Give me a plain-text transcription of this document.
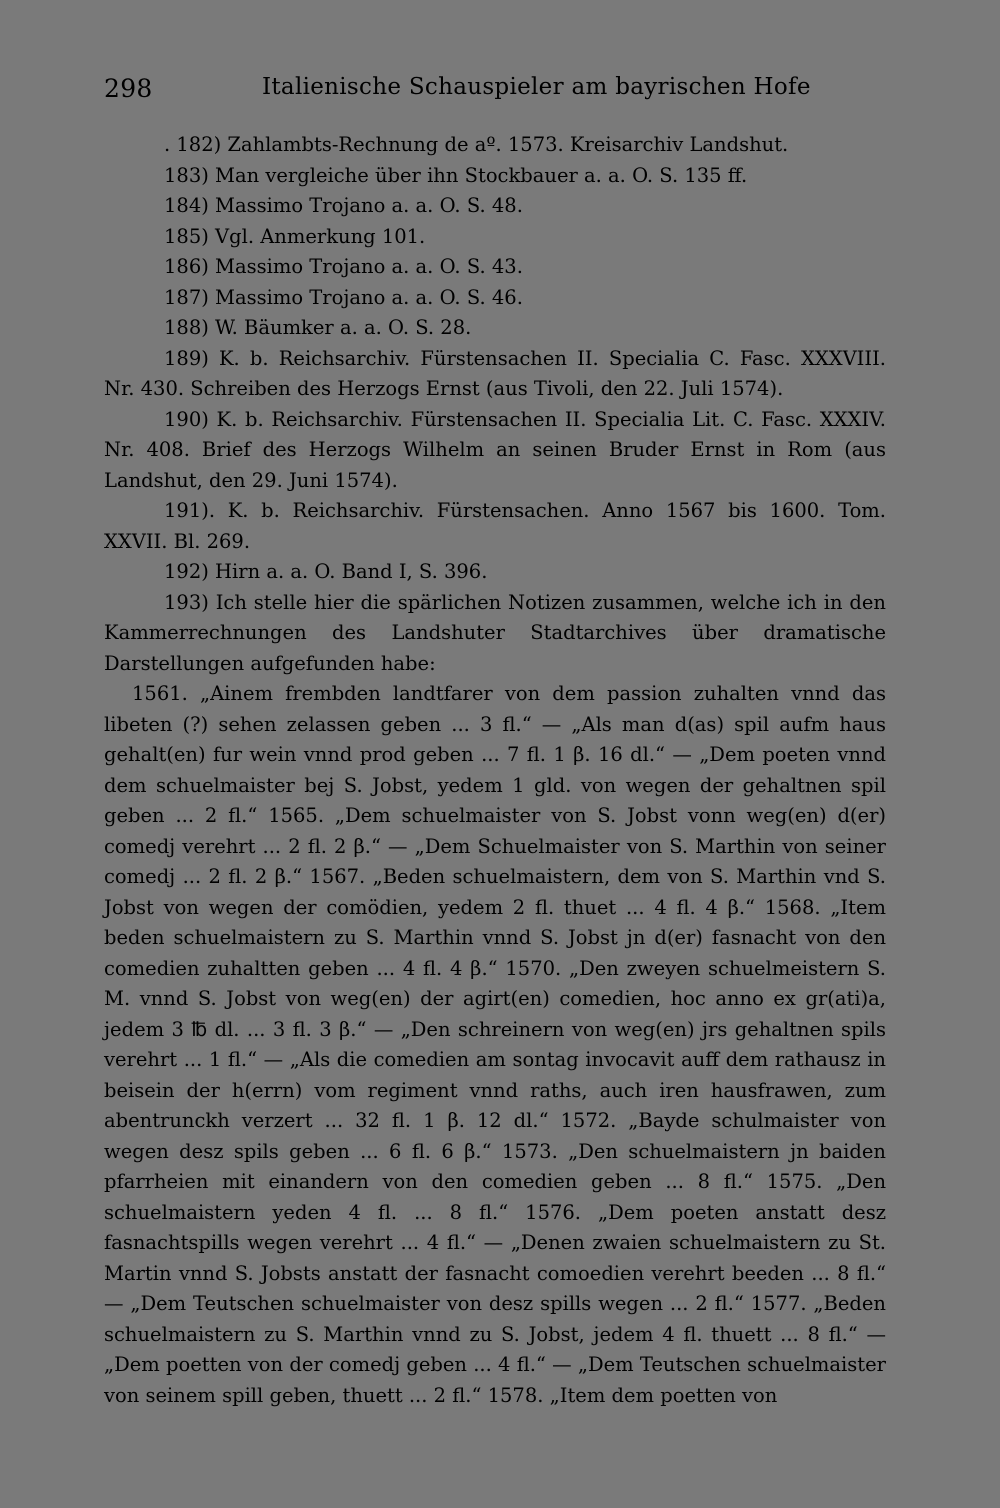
298	Italienische Schauspieler am bayrischen Hofe

. 182) Zahlambts-Rechnung de aº. 1573. Kreisarchiv Landshut.

183) Man vergleiche über ihn Stockbauer a. a. O. S. 135 ff.

184) Massimo Trojano a. a. O. S. 48.

185) Vgl. Anmerkung 101.

186) Massimo Trojano a. a. O. S. 43.

187) Massimo Trojano a. a. O. S. 46.

188) W. Bäumker a. a. O. S. 28.

189) K. b. Reichsarchiv. Fürstensachen II. Specialia C. Fasc. XXXVIII. Nr. 430. Schreiben des Herzogs Ernst (aus Tivoli, den 22. Juli 1574).

190) K. b. Reichsarchiv. Fürstensachen II. Specialia Lit. C. Fasc. XXXIV. Nr. 408. Brief des Herzogs Wilhelm an seinen Bruder Ernst in Rom (aus Landshut, den 29. Juni 1574).

191). K. b. Reichsarchiv. Fürstensachen. Anno 1567 bis 1600. Tom. XXVII. Bl. 269.

192) Hirn a. a. O. Band I, S. 396.

193) Ich stelle hier die spärlichen Notizen zusammen, welche ich in den Kammerrechnungen des Landshuter Stadtarchives über dramatische Darstellungen aufgefunden habe:

1561. „Ainem frembden landtfarer von dem passion zuhalten vnnd das libeten (?) sehen zelassen geben ... 3 fl.“ — „Als man d(as) spil aufm haus gehalt(en) fur wein vnnd prod geben ... 7 fl. 1 β. 16 dl.“ — „Dem poeten vnnd dem schuelmaister bej S. Jobst, yedem 1 gld. von wegen der gehaltnen spil geben ... 2 fl.“ 1565. „Dem schuelmaister von S. Jobst vonn weg(en) d(er) comedj verehrt ... 2 fl. 2 β.“ — „Dem Schuelmaister von S. Marthin von seiner comedj ... 2 fl. 2 β.“ 1567. „Beden schuelmaistern, dem von S. Marthin vnd S. Jobst von wegen der comödien, yedem 2 fl. thuet ... 4 fl. 4 β.“ 1568. „Item beden schuelmaistern zu S. Marthin vnnd S. Jobst jn d(er) fasnacht von den comedien zuhaltten geben ... 4 fl. 4 β.“ 1570. „Den zweyen schuelmeistern S. M. vnnd S. Jobst von weg(en) der agirt(en) comedien, hoc anno ex gr(ati)a, jedem 3 ℔ dl. ... 3 fl. 3 β.“ — „Den schreinern von weg(en) jrs gehaltnen spils verehrt ... 1 fl.“ — „Als die comedien am sontag invocavit auff dem rathausz in beisein der h(errn) vom regiment vnnd raths, auch iren hausfrawen, zum abentrunckh verzert ... 32 fl. 1 β. 12 dl.“ 1572. „Bayde schulmaister von wegen desz spils geben ... 6 fl. 6 β.“ 1573. „Den schuelmaistern jn baiden pfarrheien mit einandern von den comedien geben ... 8 fl.“ 1575. „Den schuelmaistern yeden 4 fl. ... 8 fl.“ 1576. „Dem poeten anstatt desz fasnachtspills wegen verehrt ... 4 fl.“ — „Denen zwaien schuelmaistern zu St. Martin vnnd S. Jobsts anstatt der fasnacht comoedien verehrt beeden ... 8 fl.“ — „Dem Teutschen schuelmaister von desz spills wegen ... 2 fl.“ 1577. „Beden schuelmaistern zu S. Marthin vnnd zu S. Jobst, jedem 4 fl. thuett ... 8 fl.“ — „Dem poetten von der comedj geben ... 4 fl.“ — „Dem Teutschen schuelmaister von seinem spill geben, thuett ... 2 fl.“ 1578. „Item dem poetten von
